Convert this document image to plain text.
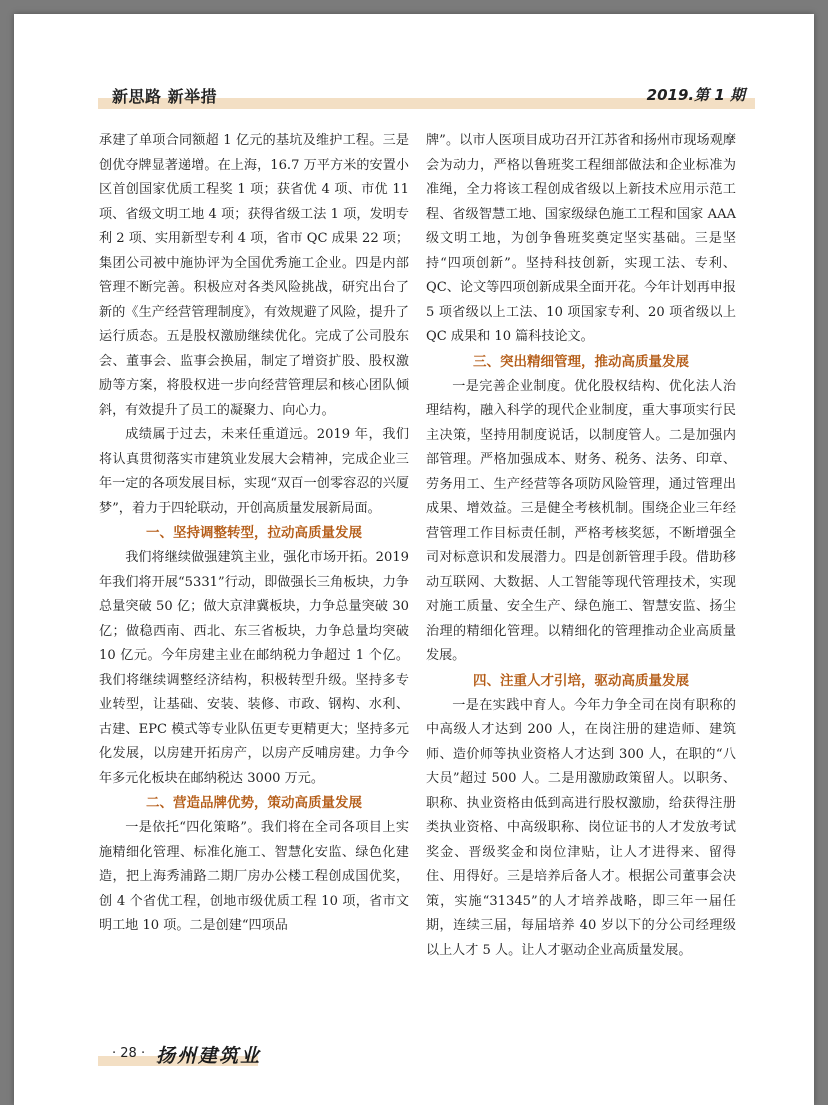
新思路 新举措	2019.第 1 期

承建了单项合同额超 1 亿元的基坑及维护工程。三是创优夺牌显著递增。在上海，16.7 万平方米的安置小区首创国家优质工程奖 1 项；获省优 4 项、市优 11 项、省级文明工地 4 项；获得省级工法 1 项，发明专利 2 项、实用新型专利 4 项，省市 QC 成果 22 项；集团公司被中施协评为全国优秀施工企业。四是内部管理不断完善。积极应对各类风险挑战，研究出台了新的《生产经营管理制度》，有效规避了风险，提升了运行质态。五是股权激励继续优化。完成了公司股东会、董事会、监事会换届，制定了增资扩股、股权激励等方案，将股权进一步向经营管理层和核心团队倾斜，有效提升了员工的凝聚力、向心力。

成绩属于过去，未来任重道远。2019 年，我们将认真贯彻落实市建筑业发展大会精神，完成企业三年一定的各项发展目标，实现“双百一创零容忍的兴厦梦”，着力于四轮联动，开创高质量发展新局面。

一、坚持调整转型，拉动高质量发展

我们将继续做强建筑主业，强化市场开拓。2019 年我们将开展“5331”行动，即做强长三角板块，力争总量突破 50 亿；做大京津冀板块，力争总量突破 30 亿；做稳西南、西北、东三省板块，力争总量均突破 10 亿元。今年房建主业在邮纳税力争超过 1 个亿。我们将继续调整经济结构，积极转型升级。坚持多专业转型，让基础、安装、装修、市政、钢构、水利、古建、EPC 模式等专业队伍更专更精更大；坚持多元化发展，以房建开拓房产，以房产反哺房建。力争今年多元化板块在邮纳税达 3000 万元。

二、营造品牌优势，策动高质量发展

一是依托“四化策略”。我们将在全司各项目上实施精细化管理、标准化施工、智慧化安监、绿色化建造，把上海秀浦路二期厂房办公楼工程创成国优奖，创 4 个省优工程，创地市级优质工程 10 项，省市文明工地 10 项。二是创建“四项品

牌”。以市人医项目成功召开江苏省和扬州市现场观摩会为动力，严格以鲁班奖工程细部做法和企业标准为准绳，全力将该工程创成省级以上新技术应用示范工程、省级智慧工地、国家级绿色施工工程和国家 AAA 级文明工地，为创争鲁班奖奠定坚实基础。三是坚持“四项创新”。坚持科技创新，实现工法、专利、QC、论文等四项创新成果全面开花。今年计划再申报 5 项省级以上工法、10 项国家专利、20 项省级以上 QC 成果和 10 篇科技论文。

三、突出精细管理，推动高质量发展

一是完善企业制度。优化股权结构、优化法人治理结构，融入科学的现代企业制度，重大事项实行民主决策，坚持用制度说话，以制度管人。二是加强内部管理。严格加强成本、财务、税务、法务、印章、劳务用工、生产经营等各项防风险管理，通过管理出成果、增效益。三是健全考核机制。围绕企业三年经营管理工作目标责任制，严格考核奖惩，不断增强全司对标意识和发展潜力。四是创新管理手段。借助移动互联网、大数据、人工智能等现代管理技术，实现对施工质量、安全生产、绿色施工、智慧安监、扬尘治理的精细化管理。以精细化的管理推动企业高质量发展。

四、注重人才引培，驱动高质量发展

一是在实践中育人。今年力争全司在岗有职称的中高级人才达到 200 人，在岗注册的建造师、建筑师、造价师等执业资格人才达到 300 人，在职的“八大员”超过 500 人。二是用激励政策留人。以职务、职称、执业资格由低到高进行股权激励，给获得注册类执业资格、中高级职称、岗位证书的人才发放考试奖金、晋级奖金和岗位津贴，让人才进得来、留得住、用得好。三是培养后备人才。根据公司董事会决策，实施“31345”的人才培养战略，即三年一届任期，连续三届，每届培养 40 岁以下的分公司经理级以上人才 5 人。让人才驱动企业高质量发展。

· 28 · 扬州建筑业
